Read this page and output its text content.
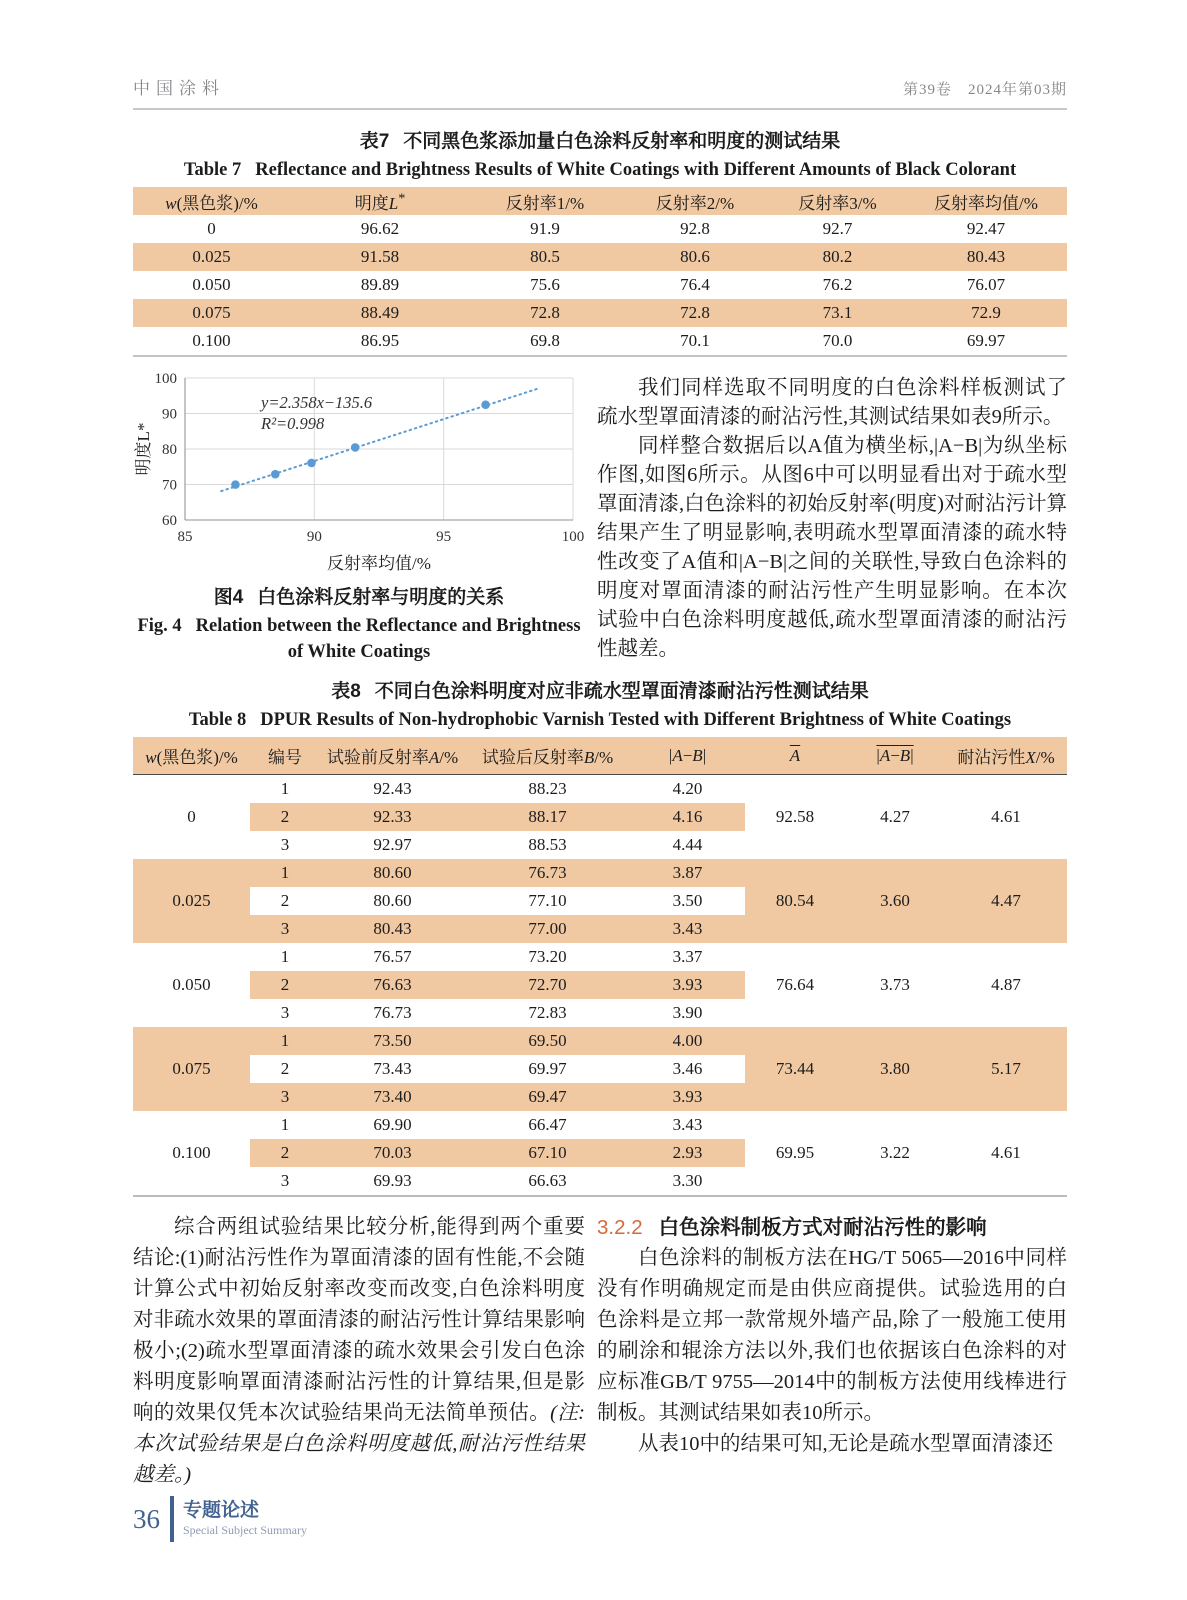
中国涂料	第39卷 2024年第03期
表7 不同黑色浆添加量白色涂料反射率和明度的测试结果
Table 7 Reflectance and Brightness Results of White Coatings with Different Amounts of Black Colorant
w(黑色浆)/%	明度L*	反射率1/%	反射率2/%	反射率3/%	反射率均值/%
0	96.62	91.9	92.8	92.7	92.47
0.025	91.58	80.5	80.6	80.2	80.43
0.050	89.89	75.6	76.4	76.2	76.07
0.075	88.49	72.8	72.8	73.1	72.9
0.100	86.95	69.8	70.1	70.0	69.97
100
90
80
70
60
85	90	95	100
y=2.358x−135.6
R²=0.998
反射率均值/%
明度L*
图4 白色涂料反射率与明度的关系
Fig. 4 Relation between the Reflectance and Brightness of White Coatings

我们同样选取不同明度的白色涂料样板测试了疏水型罩面清漆的耐沾污性,其测试结果如表9所示。

同样整合数据后以A值为横坐标,|A−B|为纵坐标作图,如图6所示。从图6中可以明显看出对于疏水型罩面清漆,白色涂料的初始反射率(明度)对耐沾污计算结果产生了明显影响,表明疏水型罩面清漆的疏水特性改变了A值和|A−B|之间的关联性,导致白色涂料的明度对罩面清漆的耐沾污性产生明显影响。在本次试验中白色涂料明度越低,疏水型罩面清漆的耐沾污性越差。

表8 不同白色涂料明度对应非疏水型罩面清漆耐沾污性测试结果
Table 8 DPUR Results of Non-hydrophobic Varnish Tested with Different Brightness of White Coatings
w(黑色浆)/%	编号	试验前反射率A/%	试验后反射率B/%	|A−B|	$\overline{A}$	|A−B|	耐沾污性X/%
0	1	92.43	88.23	4.20	92.58	4.27	4.61
	2	92.33	88.17	4.16			
	3	92.97	88.53	4.44			
0.025	1	80.60	76.73	3.87	80.54	3.60	4.47
	2	80.60	77.10	3.50			
	3	80.43	77.00	3.43			
0.050	1	76.57	73.20	3.37	76.64	3.73	4.87
	2	76.63	72.70	3.93			
	3	76.73	72.83	3.90			
0.075	1	73.50	69.50	4.00	73.44	3.80	5.17
	2	73.43	69.97	3.46			
	3	73.40	69.47	3.93			
0.100	1	69.90	66.47	3.43	69.95	3.22	4.61
	2	70.03	67.10	2.93			
	3	69.93	66.63	3.30			

综合两组试验结果比较分析,能得到两个重要结论:(1)耐沾污性作为罩面清漆的固有性能,不会随计算公式中初始反射率改变而改变,白色涂料明度对非疏水效果的罩面清漆的耐沾污性计算结果影响极小;(2)疏水型罩面清漆的疏水效果会引发白色涂料明度影响罩面清漆耐沾污性的计算结果,但是影响的效果仅凭本次试验结果尚无法简单预估。(注:本次试验结果是白色涂料明度越低,耐沾污性结果越差。)

3.2.2 白色涂料制板方式对耐沾污性的影响

白色涂料的制板方法在HG/T 5065—2016中同样没有作明确规定而是由供应商提供。试验选用的白色涂料是立邦一款常规外墙产品,除了一般施工使用的刷涂和辊涂方法以外,我们也依据该白色涂料的对应标准GB/T 9755—2014中的制板方法使用线棒进行制板。其测试结果如表10所示。

从表10中的结果可知,无论是疏水型罩面清漆还

36 专题论述
Special Subject Summary
